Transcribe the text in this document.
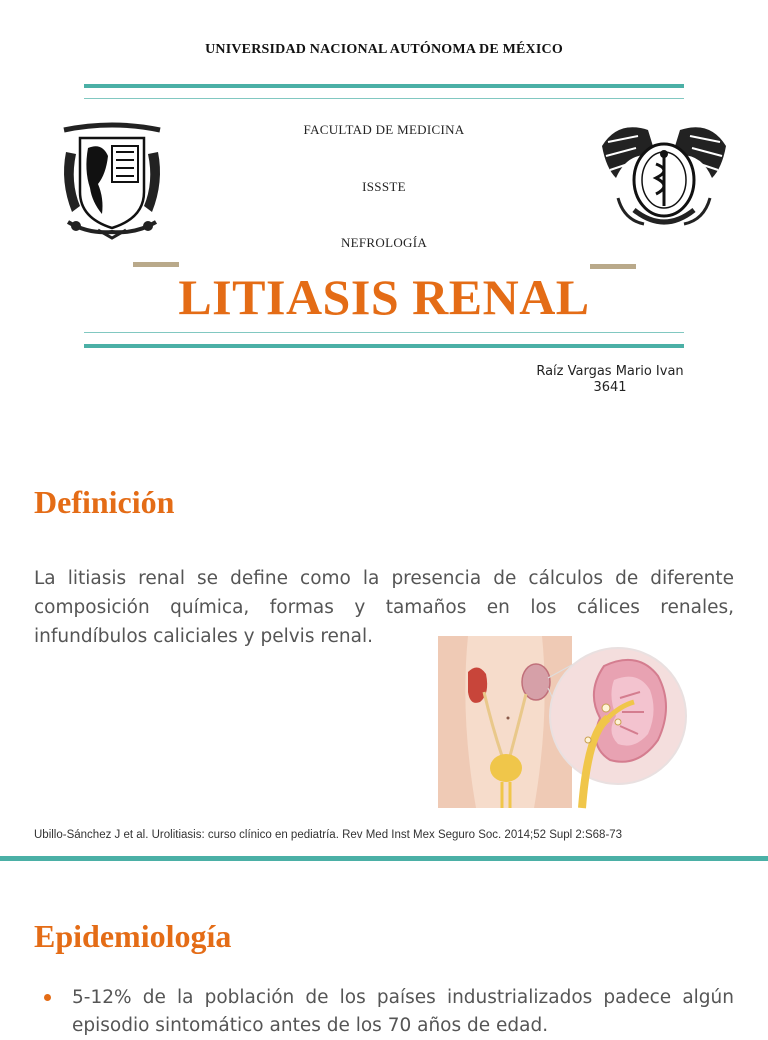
UNIVERSIDAD NACIONAL AUTÓNOMA DE MÉXICO
FACULTAD DE MEDICINA
ISSSTE
NEFROLOGÍA
LITIASIS RENAL
Raíz Vargas Mario Ivan
3641
Definición
La litiasis renal se define como la presencia de cálculos de diferente composición química, formas y tamaños en los cálices renales, infundíbulos caliciales y pelvis renal.
Ubillo-Sánchez J et al. Urolitiasis: curso clínico en pediatría. Rev Med Inst Mex Seguro Soc. 2014;52 Supl 2:S68-73
Epidemiología
5-12% de la población de los países industrializados padece algún episodio sintomático antes de los 70 años de edad.
